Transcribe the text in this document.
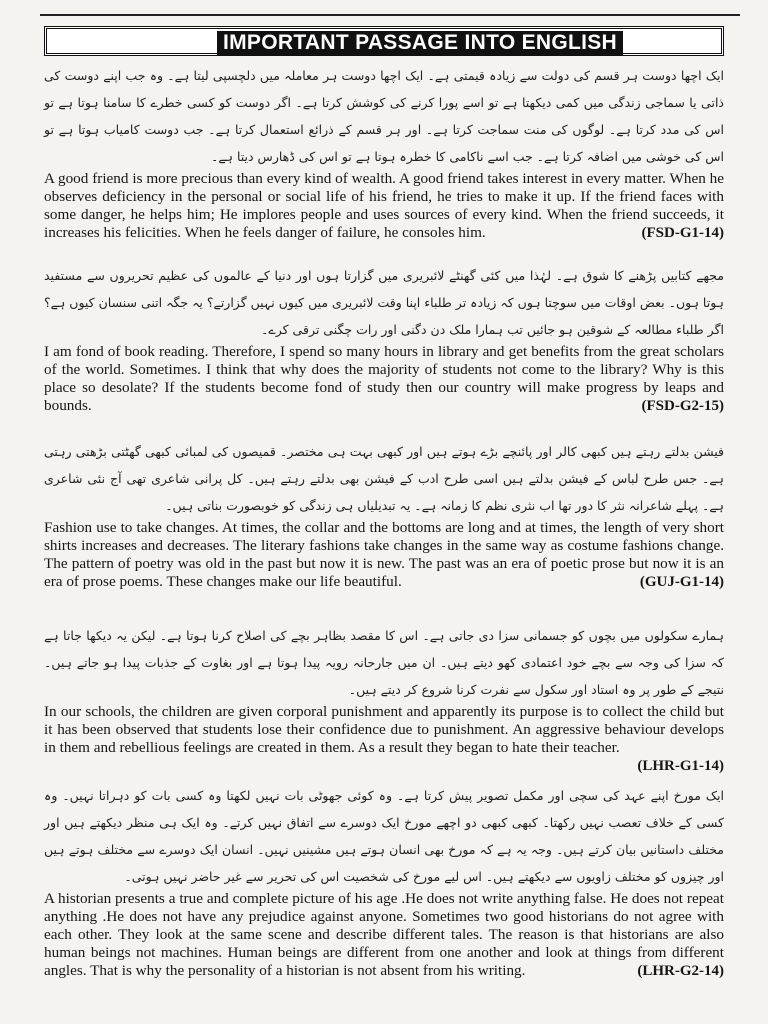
IMPORTANT PASSAGE INTO ENGLISH
ایک اچھا دوست ہر قسم کی دولت سے زیادہ قیمتی ہے۔ ایک اچھا دوست ہر معاملہ میں دلچسپی لیتا ہے۔ وہ جب اپنے دوست کی ذاتی یا سماجی زندگی میں کمی دیکھتا ہے تو اسے پورا کرنے کی کوشش کرتا ہے۔ اگر دوست کو کسی خطرے کا سامنا ہوتا ہے تو اس کی مدد کرتا ہے۔ لوگوں کی منت سماجت کرتا ہے۔ اور ہر قسم کے ذرائع استعمال کرتا ہے۔ جب دوست کامیاب ہوتا ہے تو اس کی خوشی میں اضافہ کرتا ہے۔ جب اسے ناکامی کا خطرہ ہوتا ہے تو اس کی ڈھارس دیتا ہے۔

A good friend is more precious than every kind of wealth. A good friend takes interest in every matter. When he observes deficiency in the personal or social life of his friend, he tries to make it up. If the friend faces with some danger, he helps him; He implores people and uses sources of every kind. When the friend succeeds, it increases his felicities. When he feels danger of failure, he consoles him.	(FSD-G1-14)

مجھے کتابیں پڑھنے کا شوق ہے۔ لہٰذا میں کئی گھنٹے لائبریری میں گزارتا ہوں اور دنیا کے عالموں کی عظیم تحریروں سے مستفید ہوتا ہوں۔ بعض اوقات میں سوچتا ہوں کہ زیادہ تر طلباء اپنا وقت لائبریری میں کیوں نہیں گزارتے؟ یہ جگہ اتنی سنسان کیوں ہے؟ اگر طلباء مطالعہ کے شوقین ہو جائیں تب ہمارا ملک دن دگنی اور رات چگنی ترقی کرے۔

I am fond of book reading. Therefore, I spend so many hours in library and get benefits from the great scholars of the world. Sometimes. I think that why does the majority of students not come to the library? Why is this place so desolate? If the students become fond of study then our country will make progress by leaps and bounds.	(FSD-G2-15)

فیشن بدلتے رہتے ہیں کبھی کالر اور پائنچے بڑے ہوتے ہیں اور کبھی بہت ہی مختصر۔ قمیصوں کی لمبائی کبھی گھٹتی بڑھتی رہتی ہے۔ جس طرح لباس کے فیشن بدلتے ہیں اسی طرح ادب کے فیشن بھی بدلتے رہتے ہیں۔ کل پرانی شاعری تھی آج نئی شاعری ہے۔ پہلے شاعرانہ نثر کا دور تھا اب نثری نظم کا زمانہ ہے۔ یہ تبدیلیاں ہی زندگی کو خوبصورت بناتی ہیں۔

Fashion use to take changes. At times, the collar and the bottoms are long and at times, the length of very short shirts increases and decreases. The literary fashions take changes in the same way as costume fashions change. The pattern of poetry was old in the past but now it is new. The past was an era of poetic prose but now it is an era of prose poems. These changes make our life beautiful.	(GUJ-G1-14)

ہمارے سکولوں میں بچوں کو جسمانی سزا دی جاتی ہے۔ اس کا مقصد بظاہر بچے کی اصلاح کرنا ہوتا ہے۔ لیکن یہ دیکھا جاتا ہے کہ سزا کی وجہ سے بچے خود اعتمادی کھو دیتے ہیں۔ ان میں جارحانہ رویہ پیدا ہوتا ہے اور بغاوت کے جذبات پیدا ہو جاتے ہیں۔ نتیجے کے طور پر وہ استاد اور سکول سے نفرت کرنا شروع کر دیتے ہیں۔

In our schools, the children are given corporal punishment and apparently its purpose is to collect the child but it has been observed that students lose their confidence due to punishment. An aggressive behaviour develops in them and rebellious feelings are created in them. As a result they began to hate their teacher.
(LHR-G1-14)

ایک مورخ اپنے عہد کی سچی اور مکمل تصویر پیش کرتا ہے۔ وہ کوئی جھوٹی بات نہیں لکھتا وہ کسی بات کو دہراتا نہیں۔ وہ کسی کے خلاف تعصب نہیں رکھتا۔ کبھی کبھی دو اچھے مورخ ایک دوسرے سے اتفاق نہیں کرتے۔ وہ ایک ہی منظر دیکھتے ہیں اور مختلف داستانیں بیان کرتے ہیں۔ وجہ یہ ہے کہ مورخ بھی انسان ہوتے ہیں مشینیں نہیں۔ انسان ایک دوسرے سے مختلف ہوتے ہیں اور چیزوں کو مختلف زاویوں سے دیکھتے ہیں۔ اس لیے مورخ کی شخصیت اس کی تحریر سے غیر حاضر نہیں ہوتی۔

A historian presents a true and complete picture of his age .He does not write anything false. He does not repeat anything .He does not have any prejudice against anyone. Sometimes two good historians do not agree with each other. They look at the same scene and describe different tales. The reason is that historians are also human beings not machines. Human beings are different from one another and look at things from different angles. That is why the personality of a historian is not absent from his writing.	(LHR-G2-14)
